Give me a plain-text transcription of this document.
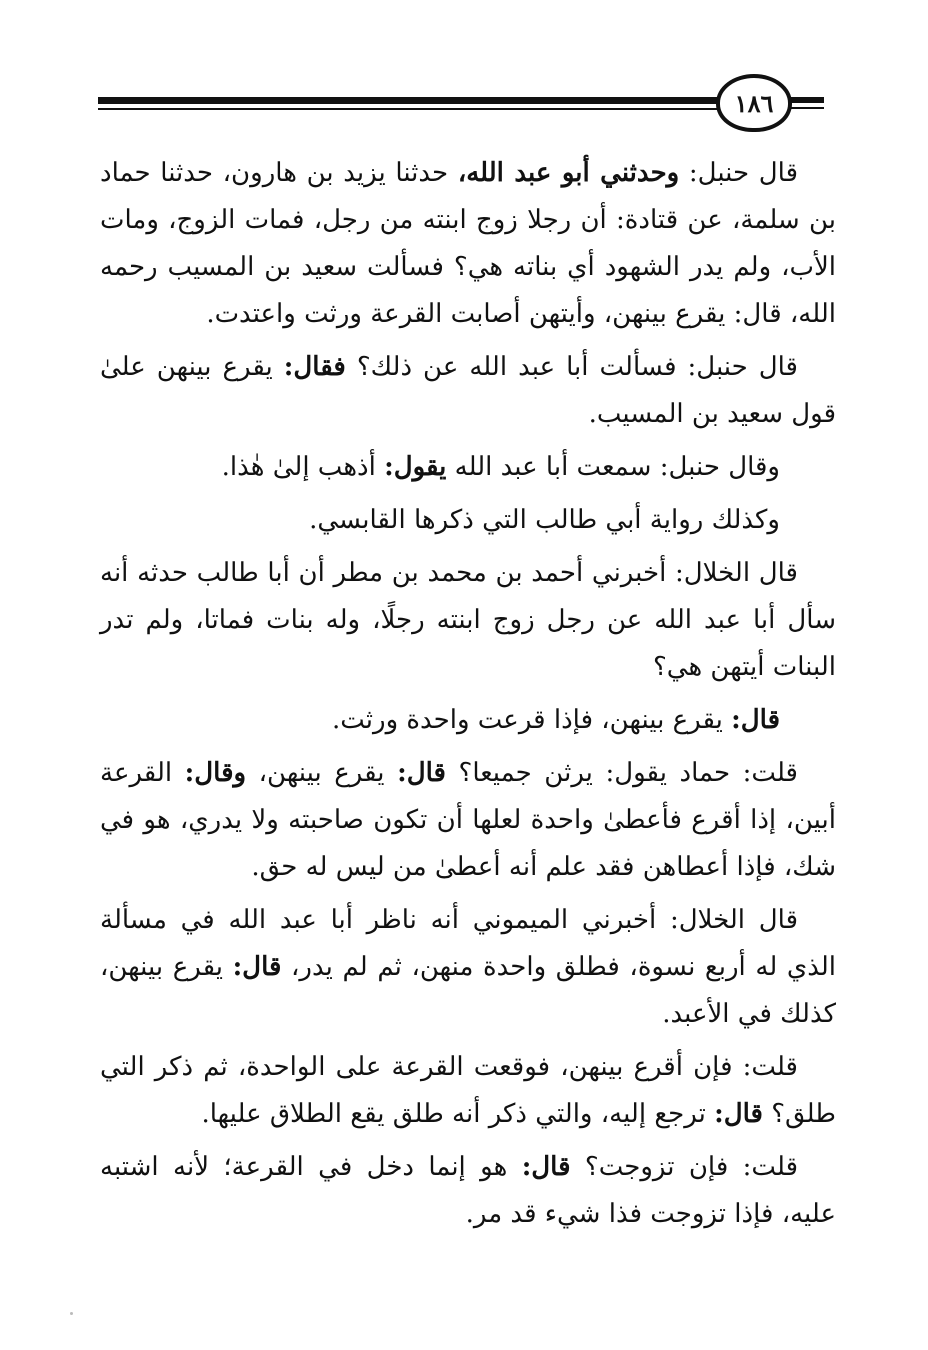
١٨٦

قال حنبل: وحدثني أبو عبد الله، حدثنا يزيد بن هارون، حدثنا حماد بن سلمة، عن قتادة: أن رجلا زوج ابنته من رجل، فمات الزوج، ومات الأب، ولم يدر الشهود أي بناته هي؟ فسألت سعيد بن المسيب رحمه الله، قال: يقرع بينهن، وأيتهن أصابت القرعة ورثت واعتدت.

قال حنبل: فسألت أبا عبد الله عن ذلك؟ فقال: يقرع بينهن علىٰ قول سعيد بن المسيب.

وقال حنبل: سمعت أبا عبد الله يقول: أذهب إلىٰ هٰذا.

وكذلك رواية أبي طالب التي ذكرها القابسي.

قال الخلال: أخبرني أحمد بن محمد بن مطر أن أبا طالب حدثه أنه سأل أبا عبد الله عن رجل زوج ابنته رجلًا، وله بنات فماتا، ولم تدر البنات أيتهن هي؟

قال: يقرع بينهن، فإذا قرعت واحدة ورثت.

قلت: حماد يقول: يرثن جميعا؟ قال: يقرع بينهن، وقال: القرعة أبين، إذا أقرع فأعطىٰ واحدة لعلها أن تكون صاحبته ولا يدري، هو في شك، فإذا أعطاهن فقد علم أنه أعطىٰ من ليس له حق.

قال الخلال: أخبرني الميموني أنه ناظر أبا عبد الله في مسألة الذي له أربع نسوة، فطلق واحدة منهن، ثم لم يدر، قال: يقرع بينهن، كذلك في الأعبد.

قلت: فإن أقرع بينهن، فوقعت القرعة على الواحدة، ثم ذكر التي طلق؟ قال: ترجع إليه، والتي ذكر أنه طلق يقع الطلاق عليها.

قلت: فإن تزوجت؟ قال: هو إنما دخل في القرعة؛ لأنه اشتبه عليه، فإذا تزوجت فذا شيء قد مر.
